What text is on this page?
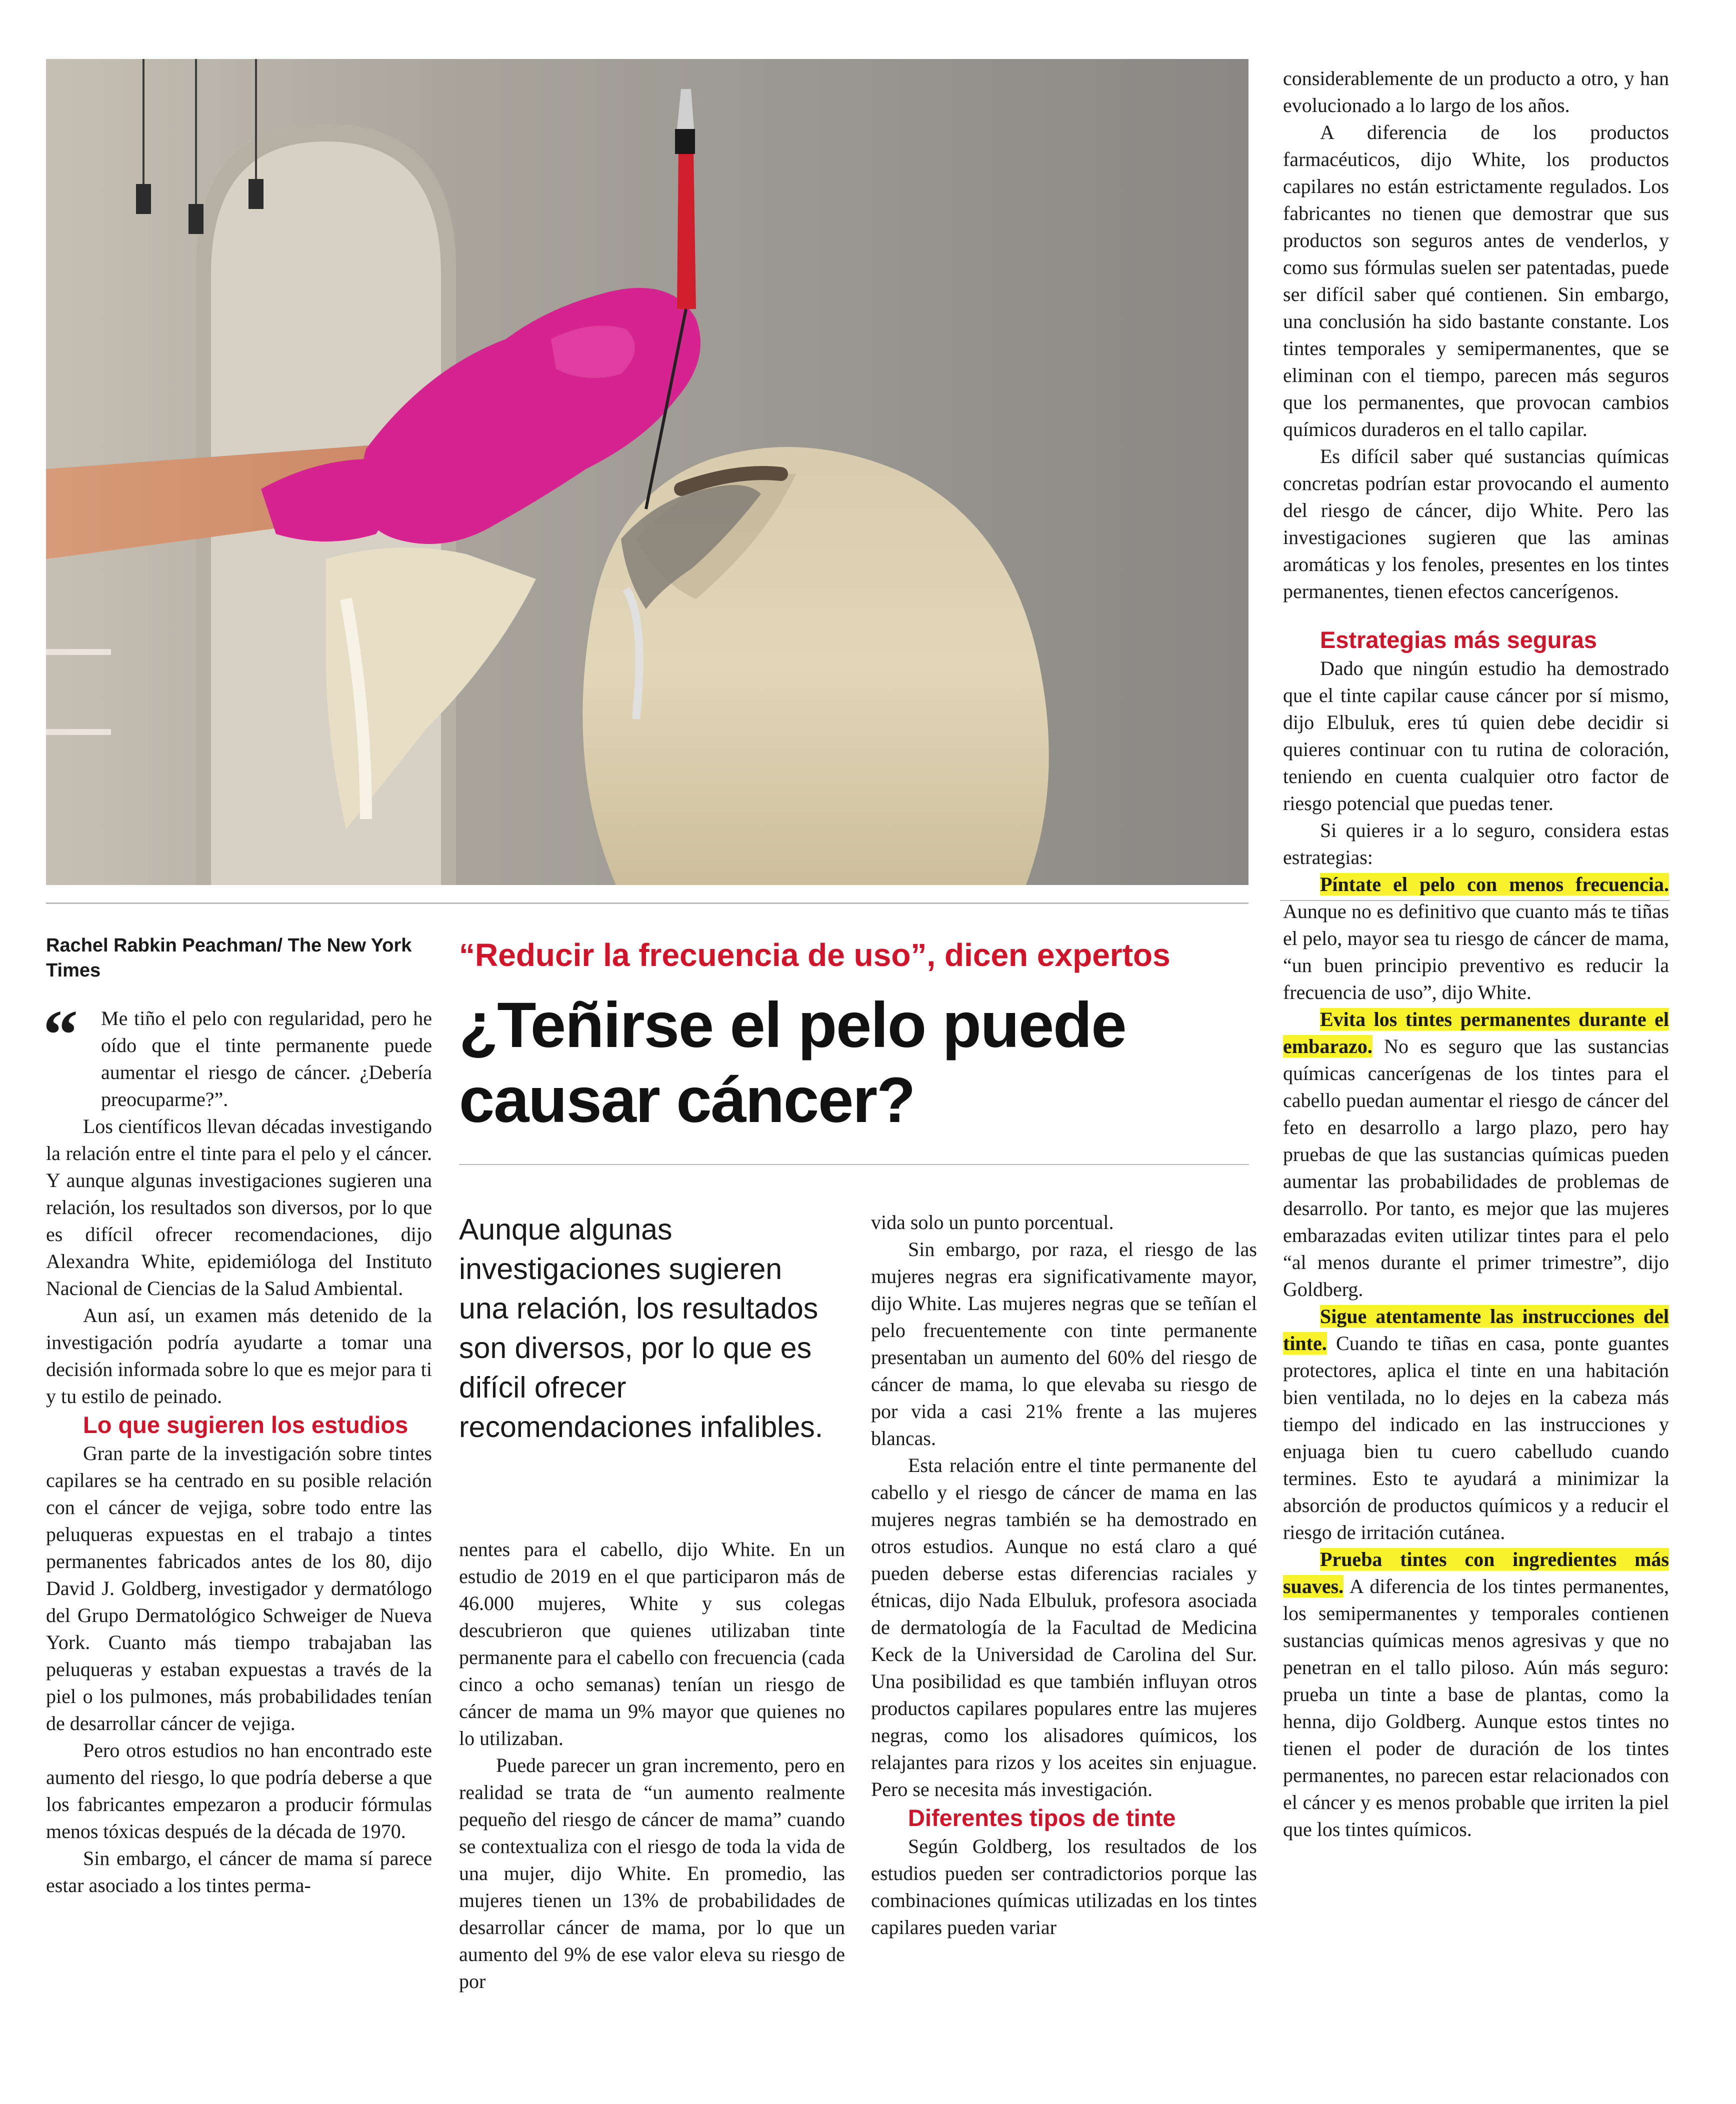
Rachel Rabkin Peachman/ The New York Times
“	Me tiño el pelo con regularidad, pero he oído que el tinte permanente puede aumentar el riesgo de cáncer. ¿Debería preocuparme?”.

Los científicos llevan décadas investigando la relación entre el tinte para el pelo y el cáncer. Y aunque algunas investigaciones sugieren una relación, los resultados son diversos, por lo que es difícil ofrecer recomendaciones, dijo Alexandra White, epidemióloga del Instituto Nacional de Ciencias de la Salud Ambiental.

Aun así, un examen más detenido de la investigación podría ayudarte a tomar una decisión informada sobre lo que es mejor para ti y tu estilo de peinado.

Lo que sugieren los estudios

Gran parte de la investigación sobre tintes capilares se ha centrado en su posible relación con el cáncer de vejiga, sobre todo entre las peluqueras expuestas en el trabajo a tintes permanentes fabricados antes de los 80, dijo David J. Goldberg, investigador y dermatólogo del Grupo Dermatológico Schweiger de Nueva York. Cuanto más tiempo trabajaban las peluqueras y estaban expuestas a través de la piel o los pulmones, más probabilidades tenían de desarrollar cáncer de vejiga.

Pero otros estudios no han encontrado este aumento del riesgo, lo que podría deberse a que los fabricantes empezaron a producir fórmulas menos tóxicas después de la década de 1970.

Sin embargo, el cáncer de mama sí parece estar asociado a los tintes perma-

“Reducir la frecuencia de uso”, dicen expertos
¿Teñirse el pelo puede causar cáncer?
Aunque algunas investigaciones sugieren una relación, los resultados son diversos, por lo que es difícil ofrecer recomendaciones infalibles.

nentes para el cabello, dijo White. En un estudio de 2019 en el que participaron más de 46.000 mujeres, White y sus colegas descubrieron que quienes utilizaban tinte permanente para el cabello con frecuencia (cada cinco a ocho semanas) tenían un riesgo de cáncer de mama un 9% mayor que quienes no lo utilizaban.

Puede parecer un gran incremento, pero en realidad se trata de “un aumento realmente pequeño del riesgo de cáncer de mama” cuando se contextualiza con el riesgo de toda la vida de una mujer, dijo White. En promedio, las mujeres tienen un 13% de probabilidades de desarrollar cáncer de mama, por lo que un aumento del 9% de ese valor eleva su riesgo de por

vida solo un punto porcentual.

Sin embargo, por raza, el riesgo de las mujeres negras era significativamente mayor, dijo White. Las mujeres negras que se teñían el pelo frecuentemente con tinte permanente presentaban un aumento del 60% del riesgo de cáncer de mama, lo que elevaba su riesgo de por vida a casi 21% frente a las mujeres blancas.

Esta relación entre el tinte permanente del cabello y el riesgo de cáncer de mama en las mujeres negras también se ha demostrado en otros estudios. Aunque no está claro a qué pueden deberse estas diferencias raciales y étnicas, dijo Nada Elbuluk, profesora asociada de dermatología de la Facultad de Medicina Keck de la Universidad de Carolina del Sur. Una posibilidad es que también influyan otros productos capilares populares entre las mujeres negras, como los alisadores químicos, los relajantes para rizos y los aceites sin enjuague. Pero se necesita más investigación.

Diferentes tipos de tinte

Según Goldberg, los resultados de los estudios pueden ser contradictorios porque las combinaciones químicas utilizadas en los tintes capilares pueden variar

considerablemente de un producto a otro, y han evolucionado a lo largo de los años.

A diferencia de los productos farmacéuticos, dijo White, los productos capilares no están estrictamente regulados. Los fabricantes no tienen que demostrar que sus productos son seguros antes de venderlos, y como sus fórmulas suelen ser patentadas, puede ser difícil saber qué contienen. Sin embargo, una conclusión ha sido bastante constante. Los tintes temporales y semipermanentes, que se eliminan con el tiempo, parecen más seguros que los permanentes, que provocan cambios químicos duraderos en el tallo capilar.

Es difícil saber qué sustancias químicas concretas podrían estar provocando el aumento del riesgo de cáncer, dijo White. Pero las investigaciones sugieren que las aminas aromáticas y los fenoles, presentes en los tintes permanentes, tienen efectos cancerígenos.

Estrategias más seguras

Dado que ningún estudio ha demostrado que el tinte capilar cause cáncer por sí mismo, dijo Elbuluk, eres tú quien debe decidir si quieres continuar con tu rutina de coloración, teniendo en cuenta cualquier otro factor de riesgo potencial que puedas tener.

Si quieres ir a lo seguro, considera estas estrategias:

Píntate el pelo con menos frecuencia. Aunque no es definitivo que cuanto más te tiñas el pelo, mayor sea tu riesgo de cáncer de mama, “un buen principio preventivo es reducir la frecuencia de uso”, dijo White.

Evita los tintes permanentes durante el embarazo. No es seguro que las sustancias químicas cancerígenas de los tintes para el cabello puedan aumentar el riesgo de cáncer del feto en desarrollo a largo plazo, pero hay pruebas de que las sustancias químicas pueden aumentar las probabilidades de problemas de desarrollo. Por tanto, es mejor que las mujeres embarazadas eviten utilizar tintes para el pelo “al menos durante el primer trimestre”, dijo Goldberg.

Sigue atentamente las instrucciones del tinte. Cuando te tiñas en casa, ponte guantes protectores, aplica el tinte en una habitación bien ventilada, no lo dejes en la cabeza más tiempo del indicado en las instrucciones y enjuaga bien tu cuero cabelludo cuando termines. Esto te ayudará a minimizar la absorción de productos químicos y a reducir el riesgo de irritación cutánea.

Prueba tintes con ingredientes más suaves. A diferencia de los tintes permanentes, los semipermanentes y temporales contienen sustancias químicas menos agresivas y que no penetran en el tallo piloso. Aún más seguro: prueba un tinte a base de plantas, como la henna, dijo Goldberg. Aunque estos tintes no tienen el poder de duración de los tintes permanentes, no parecen estar relacionados con el cáncer y es menos probable que irriten la piel que los tintes químicos.
